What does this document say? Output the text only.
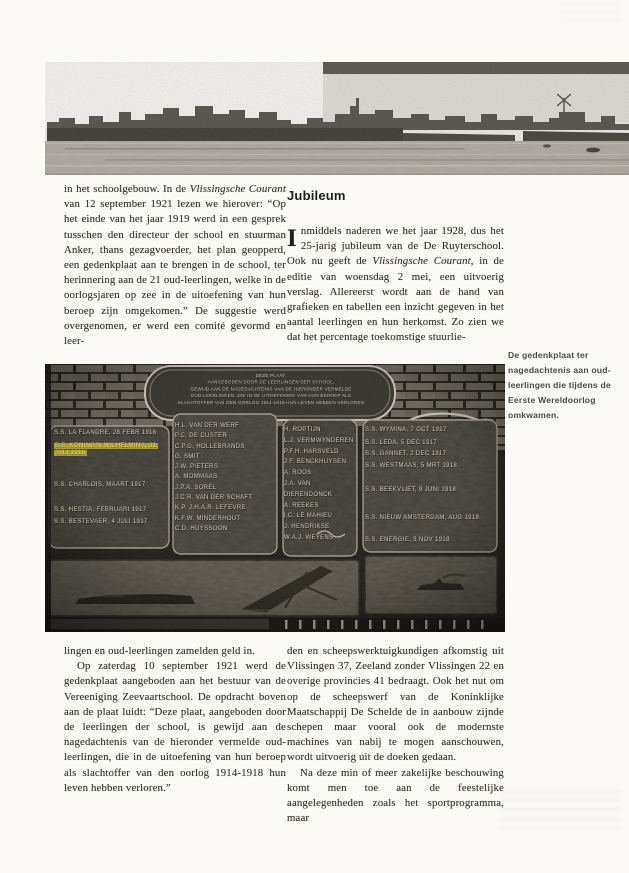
in het schoolgebouw. In de Vlissingsche Courant van 12 september 1921 lezen we hierover: “Op het einde van het jaar 1919 werd in een gesprek tusschen den directeur der school en stuurman Anker, thans gezagvoerder, het plan geopperd, een gedenkplaat aan te brengen in de school, ter herinnering aan de 21 oud-leerlingen, welke in de oorlogsjaren op zee in de uitoefening van hun beroep zijn omgekomen.” De suggestie werd overgenomen, er werd een comité gevormd en leer-

Jubileum

Inmiddels naderen we het jaar 1928, dus het 25-jarig jubileum van de De Ruyterschool. Ook nu geeft de Vlissingsche Courant, in de editie van woensdag 2 mei, een uitvoerig verslag. Allereerst wordt aan de hand van grafieken en tabellen een inzicht gegeven in het aantal leerlingen en hun herkomst. Zo zien we dat het percentage toekomstige stuurlie-

DEZE PLAAT,
AANGEBODEN DOOR DE LEERLINGEN DER SCHOOL,
GEWIJD AAN DE NAGEDACHTENIS VAN DE HIERONDER VERMELDE
OUD-LEERLINGEN, DIE IN DE UITOEFENING VAN HUN BEROEP ALS
SLACHTOFFER VAN DEN OORLOG 1914-1918 HUN LEVEN HEBBEN VERLOREN
S.S. LA FLANDRE, 28 FEBR 1916
S.S. KONINGIN WILHELMINA, 31 JULI 1916
S.S. CHARLOIS, MAART 1917
S.S. HESTIA, FEBRUARI 1917
S.S. BESTEVAER, 4 JULI 1917
H.L. VAN DER WERF
P.C. DE CUSTER
C.P.G. HOLLEBRANDS
G. SMIT
J.W. PIETERS
A. MOMMAAS
J.P.A. SOREL
J.C.R. VAN DER SCHAFT
K.P. J.H.A.R. LEFEVRE
K.F.W. MINDERHOUT
C.D. HUYSSOON
H. ROPTIJN
L.J. VERMWYNDEREN
P.F.H. HARSVELD
J.F. BENCKHUYSEN
A. ROOS
J.A. VAN DIERENDONCK
A. REEKES
I.C. LE MAHIEU
J. HENDRIKSE
W.A.J. WEYENS
S.S. WYMINA, 7 OCT 1917
S.S. LEDA, 5 DEC 1917
S.S. GANNET, 2 DEC 1917
S.S. WESTMAAS, 5 MRT 1918
S.S. BEEKVLIET, 9 JUNI 1918
S.S. NIEUW AMSTERDAM, AUG 1918
S.S. ENERGIE, 3 NOV 1918
De gedenkplaat ter nagedachtenis aan oud-leerlingen die tijdens de Eerste Wereldoorlog omkwamen.

lingen en oud-leerlingen zamelden geld in.

Op zaterdag 10 september 1921 werd de gedenkplaat aangeboden aan het bestuur van de Vereeniging Zeevaartschool. De opdracht boven aan de plaat luidt: “Deze plaat, aangeboden door de leerlingen der school, is gewijd aan de nagedachtenis van de hieronder vermelde oud-leerlingen, die in de uitoefening van hun beroep als slachtoffer van den oorlog 1914-1918 hun leven hebben verloren.”

den en scheepswerktuigkundigen afkomstig uit Vlissingen 37, Zeeland zonder Vlissingen 22 en overige provincies 41 bedraagt. Ook het nut om op de scheepswerf van de Koninklijke Maatschappij De Schelde de in aanbouw zijnde schepen maar vooral ook de modernste machines van nabij te mogen aanschouwen, wordt uitvoerig uit de doeken gedaan.

Na deze min of meer zakelijke beschouwing komt men toe aan de feestelijke aangelegenheden zoals het sportprogramma, maar
